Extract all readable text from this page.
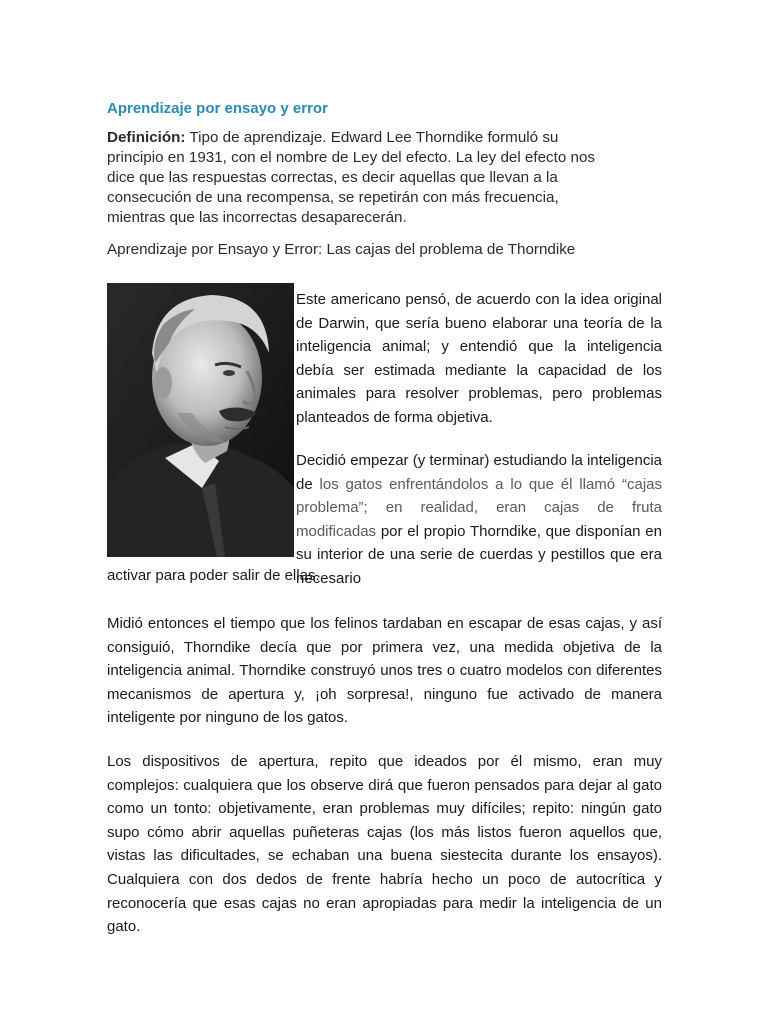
Aprendizaje por ensayo y error
Definición: Tipo de aprendizaje. Edward Lee Thorndike formuló su principio en 1931, con el nombre de Ley del efecto. La ley del efecto nos dice que las respuestas correctas, es decir aquellas que llevan a la consecución de una recompensa, se repetirán con más frecuencia, mientras que las incorrectas desaparecerán.
Aprendizaje por Ensayo y Error: Las cajas del problema de Thorndike
Este americano pensó, de acuerdo con la idea original de Darwin, que sería bueno elaborar una teoría de la inteligencia animal; y entendió que la inteligencia debía ser estimada mediante la capacidad de los animales para resolver problemas, pero problemas planteados de forma objetiva.
Decidió empezar (y terminar) estudiando la inteligencia de los gatos enfrentándolos a lo que él llamó “cajas problema”; en realidad, eran cajas de fruta modificadas por el propio Thorndike, que disponían en su interior de una serie de cuerdas y pestillos que era necesario
activar para poder salir de ellas.
Midió entonces el tiempo que los felinos tardaban en escapar de esas cajas, y así consiguió, Thorndike decía que por primera vez, una medida objetiva de la inteligencia animal. Thorndike construyó unos tres o cuatro modelos con diferentes mecanismos de apertura y, ¡oh sorpresa!, ninguno fue activado de manera inteligente por ninguno de los gatos.
Los dispositivos de apertura, repito que ideados por él mismo, eran muy complejos: cualquiera que los observe dirá que fueron pensados para dejar al gato como un tonto: objetivamente, eran problemas muy difíciles; repito: ningún gato supo cómo abrir aquellas puñeteras cajas (los más listos fueron aquellos que, vistas las dificultades, se echaban una buena siestecita durante los ensayos). Cualquiera con dos dedos de frente habría hecho un poco de autocrítica y reconocería que esas cajas no eran apropiadas para medir la inteligencia de un gato.
